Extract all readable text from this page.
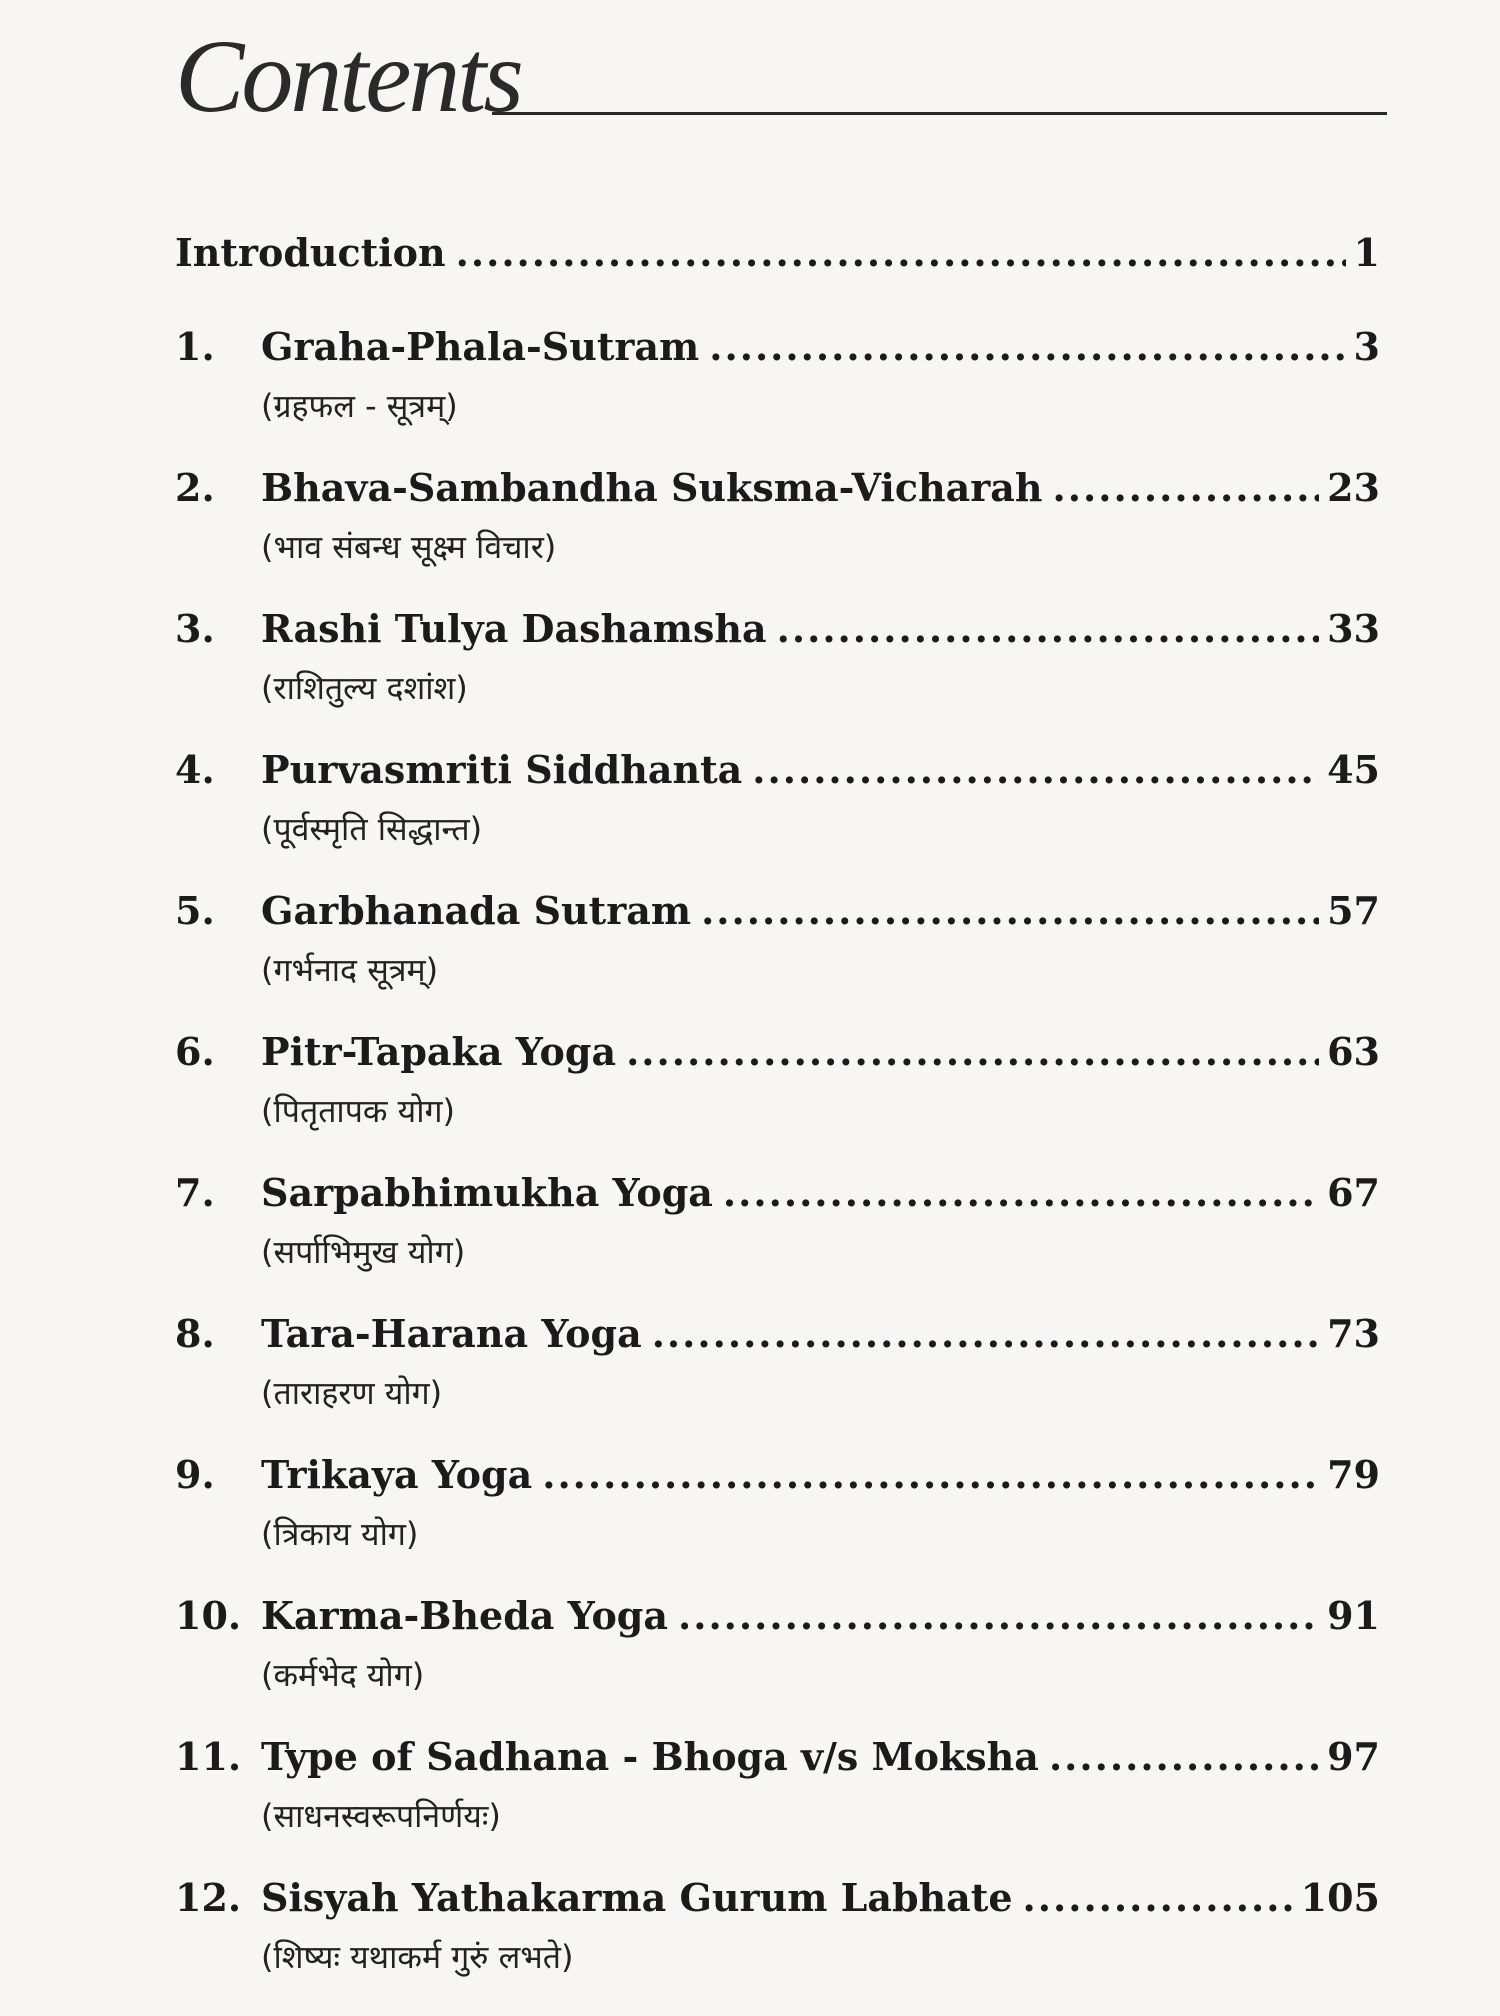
Contents
Introduction .....	1
1. Graha-Phala-Sutram .....	3
(ग्रहफल - सूत्रम्)
2. Bhava-Sambandha Suksma-Vicharah .....	23
(भाव संबन्ध सूक्ष्म विचार)
3. Rashi Tulya Dashamsha .....	33
(राशितुल्य दशांश)
4. Purvasmriti Siddhanta .....	45
(पूर्वस्मृति सिद्धान्त)
5. Garbhanada Sutram .....	57
(गर्भनाद सूत्रम्)
6. Pitr-Tapaka Yoga .....	63
(पितृतापक योग)
7. Sarpabhimukha Yoga .....	67
(सर्पाभिमुख योग)
8. Tara-Harana Yoga .....	73
(ताराहरण योग)
9. Trikaya Yoga .....	79
(त्रिकाय योग)
10. Karma-Bheda Yoga .....	91
(कर्मभेद योग)
11. Type of Sadhana - Bhoga v/s Moksha .....	97
(साधनस्वरूपनिर्णयः)
12. Sisyah Yathakarma Gurum Labhate .....	105
(शिष्यः यथाकर्म गुरुं लभते)
